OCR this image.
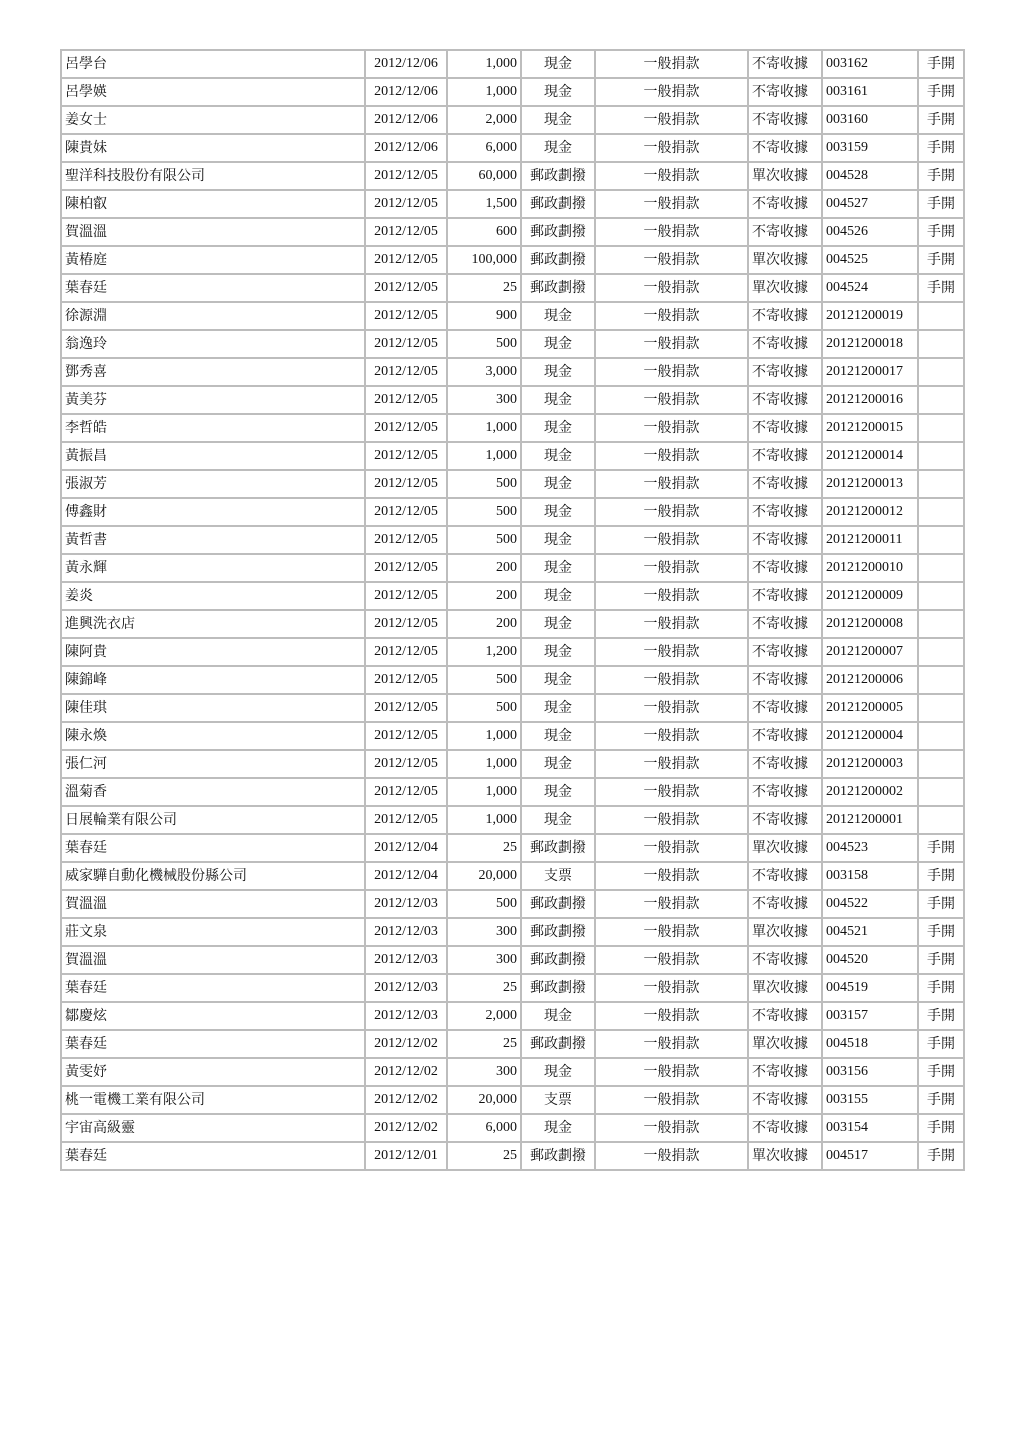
呂學台	2012/12/06	1,000	現金	一般捐款	不寄收據	003162	手開
呂學媖	2012/12/06	1,000	現金	一般捐款	不寄收據	003161	手開
姜女士	2012/12/06	2,000	現金	一般捐款	不寄收據	003160	手開
陳貴妹	2012/12/06	6,000	現金	一般捐款	不寄收據	003159	手開
聖洋科技股份有限公司	2012/12/05	60,000	郵政劃撥	一般捐款	單次收據	004528	手開
陳柏叡	2012/12/05	1,500	郵政劃撥	一般捐款	不寄收據	004527	手開
賀溫溫	2012/12/05	600	郵政劃撥	一般捐款	不寄收據	004526	手開
黃椿庭	2012/12/05	100,000	郵政劃撥	一般捐款	單次收據	004525	手開
葉春廷	2012/12/05	25	郵政劃撥	一般捐款	單次收據	004524	手開
徐源淵	2012/12/05	900	現金	一般捐款	不寄收據	20121200019	
翁逸玲	2012/12/05	500	現金	一般捐款	不寄收據	20121200018	
鄧秀喜	2012/12/05	3,000	現金	一般捐款	不寄收據	20121200017	
黃美芬	2012/12/05	300	現金	一般捐款	不寄收據	20121200016	
李哲皓	2012/12/05	1,000	現金	一般捐款	不寄收據	20121200015	
黃振昌	2012/12/05	1,000	現金	一般捐款	不寄收據	20121200014	
張淑芳	2012/12/05	500	現金	一般捐款	不寄收據	20121200013	
傅鑫財	2012/12/05	500	現金	一般捐款	不寄收據	20121200012	
黃哲書	2012/12/05	500	現金	一般捐款	不寄收據	20121200011	
黃永輝	2012/12/05	200	現金	一般捐款	不寄收據	20121200010	
姜炎	2012/12/05	200	現金	一般捐款	不寄收據	20121200009	
進興洗衣店	2012/12/05	200	現金	一般捐款	不寄收據	20121200008	
陳阿貴	2012/12/05	1,200	現金	一般捐款	不寄收據	20121200007	
陳錦峰	2012/12/05	500	現金	一般捐款	不寄收據	20121200006	
陳佳琪	2012/12/05	500	現金	一般捐款	不寄收據	20121200005	
陳永煥	2012/12/05	1,000	現金	一般捐款	不寄收據	20121200004	
張仁河	2012/12/05	1,000	現金	一般捐款	不寄收據	20121200003	
溫菊香	2012/12/05	1,000	現金	一般捐款	不寄收據	20121200002	
日展輪業有限公司	2012/12/05	1,000	現金	一般捐款	不寄收據	20121200001	
葉春廷	2012/12/04	25	郵政劃撥	一般捐款	單次收據	004523	手開
威家驊自動化機械股份縣公司	2012/12/04	20,000	支票	一般捐款	不寄收據	003158	手開
賀溫溫	2012/12/03	500	郵政劃撥	一般捐款	不寄收據	004522	手開
莊文泉	2012/12/03	300	郵政劃撥	一般捐款	單次收據	004521	手開
賀溫溫	2012/12/03	300	郵政劃撥	一般捐款	不寄收據	004520	手開
葉春廷	2012/12/03	25	郵政劃撥	一般捐款	單次收據	004519	手開
鄒慶炫	2012/12/03	2,000	現金	一般捐款	不寄收據	003157	手開
葉春廷	2012/12/02	25	郵政劃撥	一般捐款	單次收據	004518	手開
黃雯妤	2012/12/02	300	現金	一般捐款	不寄收據	003156	手開
桃一電機工業有限公司	2012/12/02	20,000	支票	一般捐款	不寄收據	003155	手開
宇宙高級靈	2012/12/02	6,000	現金	一般捐款	不寄收據	003154	手開
葉春廷	2012/12/01	25	郵政劃撥	一般捐款	單次收據	004517	手開
